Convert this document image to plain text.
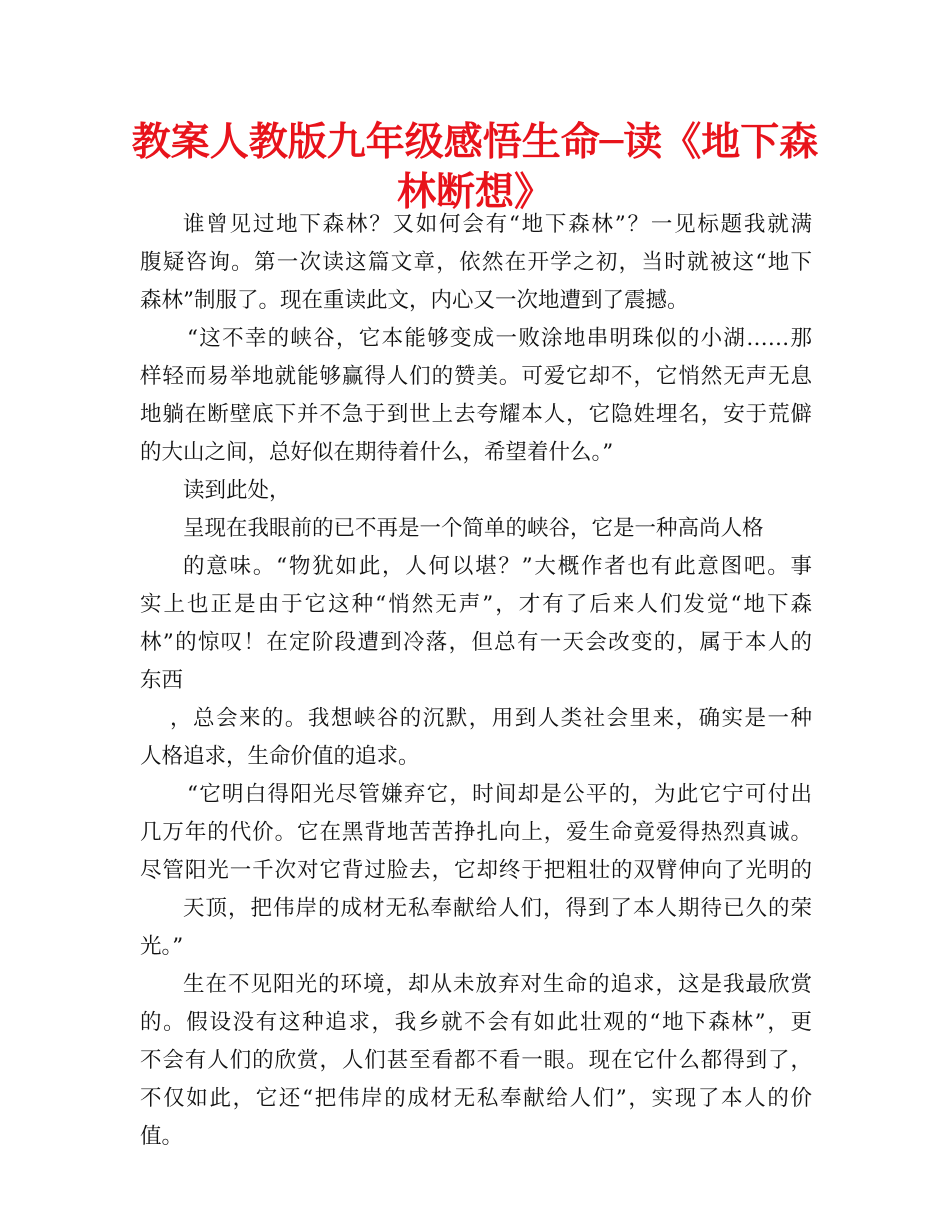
教案人教版九年级感悟生命─读《地下森
林断想》
谁曾见过地下森林？又如何会有“地下森林”？一见标题我就满
腹疑咨询。第一次读这篇文章，依然在开学之初，当时就被这“地下
森林”制服了。现在重读此文，内心又一次地遭到了震撼。
“这不幸的峡谷，它本能够变成一败涂地串明珠似的小湖……那
样轻而易举地就能够赢得人们的赞美。可爱它却不，它悄然无声无息
地躺在断壁底下并不急于到世上去夸耀本人，它隐姓埋名，安于荒僻
的大山之间，总好似在期待着什么，希望着什么。”
读到此处，
呈现在我眼前的已不再是一个简单的峡谷，它是一种高尚人格
的意味。“物犹如此，人何以堪？”大概作者也有此意图吧。事
实上也正是由于它这种“悄然无声”，才有了后来人们发觉“地下森
林”的惊叹！在定阶段遭到冷落，但总有一天会改变的，属于本人的
东西
，总会来的。我想峡谷的沉默，用到人类社会里来，确实是一种
人格追求，生命价值的追求。
“它明白得阳光尽管嫌弃它，时间却是公平的，为此它宁可付出
几万年的代价。它在黑背地苦苦挣扎向上，爱生命竟爱得热烈真诚。
尽管阳光一千次对它背过脸去，它却终于把粗壮的双臂伸向了光明的
天顶，把伟岸的成材无私奉献给人们，得到了本人期待已久的荣
光。”
生在不见阳光的环境，却从未放弃对生命的追求，这是我最欣赏
的。假设没有这种追求，我乡就不会有如此壮观的“地下森林”，更
不会有人们的欣赏，人们甚至看都不看一眼。现在它什么都得到了，
不仅如此，它还“把伟岸的成材无私奉献给人们”，实现了本人的价
值。
